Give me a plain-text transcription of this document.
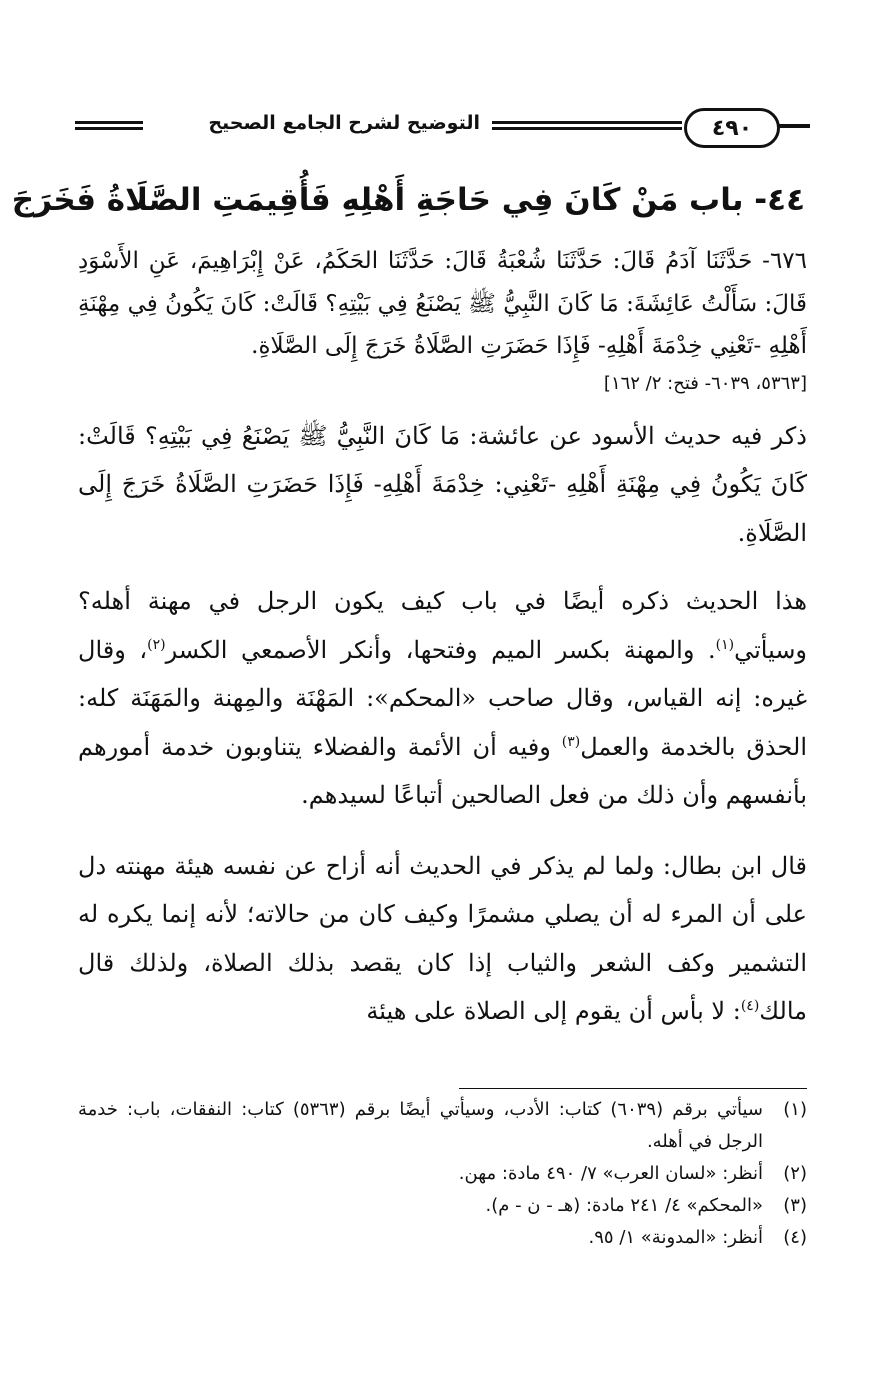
٤٩٠
التوضيح لشرح الجامع الصحيح
٤٤- باب مَنْ كَانَ فِي حَاجَةِ أَهْلِهِ فَأُقِيمَتِ الصَّلَاةُ فَخَرَجَ

٦٧٦- حَدَّثَنَا آدَمُ قَالَ: حَدَّثَنَا شُعْبَةُ قَالَ: حَدَّثَنَا الحَكَمُ، عَنْ إِبْرَاهِيمَ، عَنِ الأَسْوَدِ قَالَ: سَأَلْتُ عَائِشَةَ: مَا كَانَ النَّبِيُّ ﷺ يَصْنَعُ فِي بَيْتِهِ؟ قَالَتْ: كَانَ يَكُونُ فِي مِهْنَةِ أَهْلِهِ -تَعْنِي خِدْمَةَ أَهْلِهِ- فَإِذَا حَضَرَتِ الصَّلَاةُ خَرَجَ إِلَى الصَّلَاةِ.

[٥٣٦٣، ٦٠٣٩- فتح: ٢/ ١٦٢]

ذكر فيه حديث الأسود عن عائشة: مَا كَانَ النَّبِيُّ ﷺ يَصْنَعُ فِي بَيْتِهِ؟ قَالَتْ: كَانَ يَكُونُ فِي مِهْنَةِ أَهْلِهِ -تَعْنِي: خِدْمَةَ أَهْلِهِ- فَإِذَا حَضَرَتِ الصَّلَاةُ خَرَجَ إِلَى الصَّلَاةِ.

هذا الحديث ذكره أيضًا في باب كيف يكون الرجل في مهنة أهله؟ وسيأتي$^{(١)}$. والمهنة بكسر الميم وفتحها، وأنكر الأصمعي الكسر$^{(٢)}$، وقال غيره: إنه القياس، وقال صاحب «المحكم»: المَهْنَة والمِهنة والمَهَنَة كله: الحذق بالخدمة والعمل$^{(٣)}$ وفيه أن الأئمة والفضلاء يتناوبون خدمة أمورهم بأنفسهم وأن ذلك من فعل الصالحين أتباعًا لسيدهم.

قال ابن بطال: ولما لم يذكر في الحديث أنه أزاح عن نفسه هيئة مهنته دل على أن المرء له أن يصلي مشمرًا وكيف كان من حالاته؛ لأنه إنما يكره له التشمير وكف الشعر والثياب إذا كان يقصد بذلك الصلاة، ولذلك قال مالك$^{(٤)}$: لا بأس أن يقوم إلى الصلاة على هيئة

(١)
سيأتي برقم (٦٠٣٩) كتاب: الأدب، وسيأتي أيضًا برقم (٥٣٦٣) كتاب: النفقات، باب: خدمة الرجل في أهله.
(٢)
أنظر: «لسان العرب» ٧/ ٤٩٠ مادة: مهن.
(٣)
«المحكم» ٤/ ٢٤١ مادة: (هـ - ن - م).
(٤)
أنظر: «المدونة» ١/ ٩٥.
